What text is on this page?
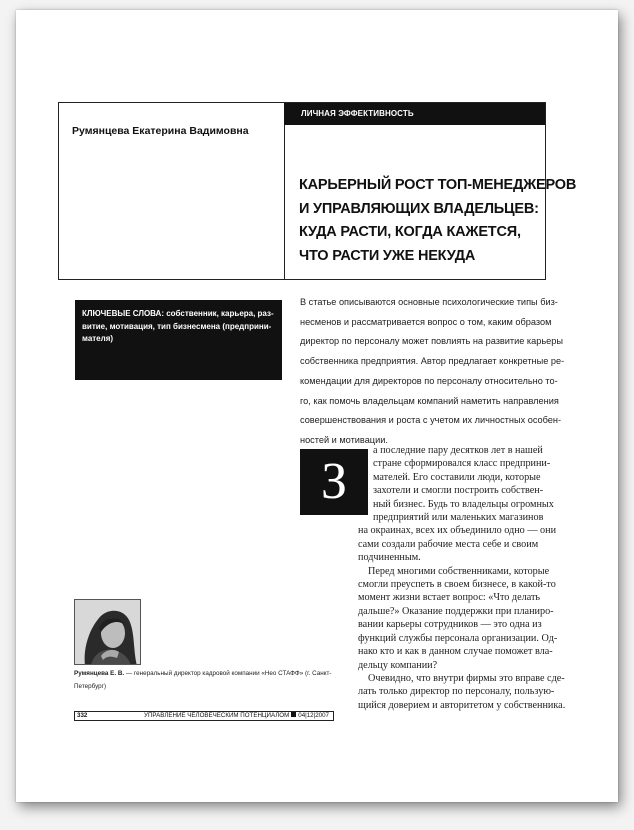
Румянцева Екатерина Вадимовна
ЛИЧНАЯ ЭФФЕКТИВНОСТЬ
КАРЬЕРНЫЙ РОСТ ТОП-МЕНЕДЖЕРОВ
И УПРАВЛЯЮЩИХ ВЛАДЕЛЬЦЕВ:
КУДА РАСТИ, КОГДА КАЖЕТСЯ,
ЧТО РАСТИ УЖЕ НЕКУДА
КЛЮЧЕВЫЕ СЛОВА: собственник, карьера, раз-
витие, мотивация, тип бизнесмена (предприни-
мателя)
В статье описываются основные психологические типы биз-
несменов и рассматривается вопрос о том, каким образом
директор по персоналу может повлиять на развитие карьеры
собственника предприятия. Автор предлагает конкретные ре-
комендации для директоров по персоналу относительно то-
го, как помочь владельцам компаний наметить направления
совершенствования и роста с учетом их личностных особен-
ностей и мотивации.
З
а последние пару десятков лет в нашей
стране сформировался класс предприни-
мателей. Его составили люди, которые
захотели и смогли построить собствен-
ный бизнес. Будь то владельцы огромных
предприятий или маленьких магазинов
на окраинах, всех их объединило одно — они
сами создали рабочие места себе и своим
подчиненным.
Перед многими собственниками, которые
смогли преуспеть в своем бизнесе, в какой-то
момент жизни встает вопрос: «Что делать
дальше?» Оказание поддержки при планиро-
вании карьеры сотрудников — это одна из
функций службы персонала организации. Од-
нако кто и как в данном случае поможет вла-
дельцу компании?
Очевидно, что внутри фирмы это вправе сде-
лать только директор по персоналу, пользую-
щийся доверием и авторитетом у собственника.
Румянцева Е. В. — генеральный директор кадровой компании «Нео СТАФФ» (г. Санкт-Петербург)
332	УПРАВЛЕНИЕ ЧЕЛОВЕЧЕСКИМ ПОТЕНЦИАЛОМ 04|12|2007
